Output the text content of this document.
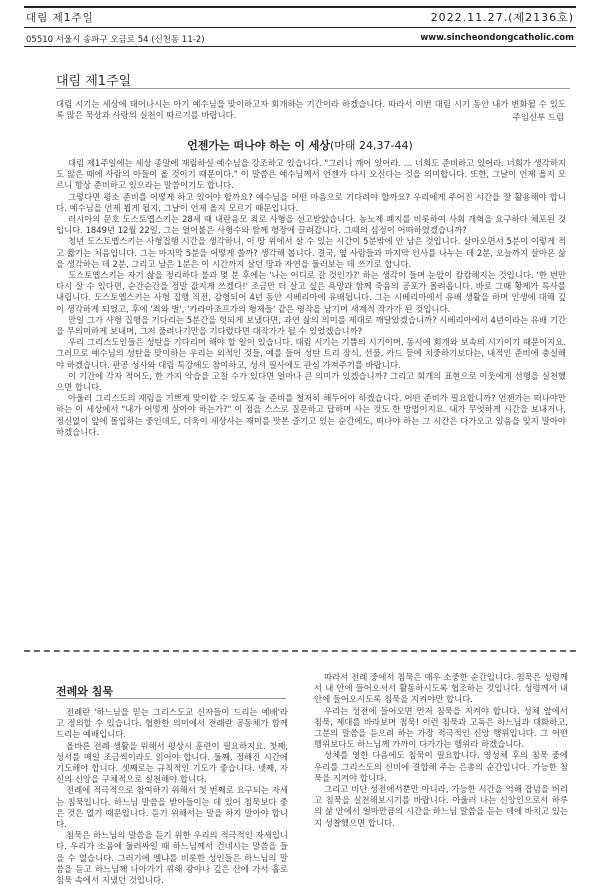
대림 제1주일	2022.11.27.(제2136호)
05510 서울시 송파구 오금로 54 (신천동 11-2)	www.sincheondongcatholic.com
대림 제1주일
대림 시기는 세상에 태어나시는 아기 예수님을 맞이하고자 회개하는 기간이라 하겠습니다. 따라서 이번 대림 시기 동안 내가 변화될 수 있도록 많은 묵상과 사랑의 실천이 따르기를 바랍니다.	주임신부 드림
언젠가는 떠나야 하는 이 세상(마태 24,37-44)

대림 제1주일에는 세상 종말에 재림하실 예수님을 강조하고 있습니다. "그러니 깨어 있어라. … 너희도 준비하고 있어라. 너희가 생각하지도 않은 때에 사람의 아들이 올 것이기 때문이다." 이 말씀은 예수님께서 언젠가 다시 오신다는 것을 의미합니다. 또한, 그날이 언제 올지 모르니 항상 준비하고 있으라는 말씀이기도 합니다.

그렇다면 평소 준비를 어떻게 하고 있어야 할까요? 예수님을 어떤 마음으로 기다려야 할까요? 우리에게 주어진 시간을 잘 활용해야 합니다. 예수님을 언제 뵙게 될지, 그날이 언제 올지 모르기 때문입니다.

러시아의 문호 도스토옙스키는 28세 때 내란음모 죄로 사형을 선고받았습니다. 농노제 폐지를 비롯하여 사회 개혁을 요구하다 체포된 것입니다. 1849년 12월 22일, 그는 얼어붙은 사형수와 함께 형장에 끌려갑니다. 그때의 심정이 어떠하였겠습니까?

청년 도스토옙스키는 사형집행 시간을 생각하니, 이 땅 위에서 살 수 있는 시간이 5분밖에 안 남은 것입니다. 살아오면서 5분이 이렇게 적고 짧기는 처음입니다. 그는 마지막 5분을 어떻게 쓸까? 생각해 봅니다. 결국, 옆 사람들과 마지막 인사를 나누는 데 2분, 오늘까지 살아온 삶을 생각하는 데 2분, 그리고 남은 1분은 이 시간까지 살던 땅과 자연을 둘러보는 데 쓰기로 합니다.

도스토옙스키는 자기 삶을 정리하다 불과 몇 분 후에는 '나는 어디로 갈 것인가?' 하는 생각이 들며 눈앞이 캄캄해지는 것입니다. '한 번만 다시 살 수 있다면, 순간순간을 정말 값지게 쓰겠다!' 조금만 더 살고 싶은 욕망과 함께 죽음의 공포가 몰려옵니다. 바로 그때 황제가 특사를 내립니다. 도스토옙스키는 사형 집행 직전, 감형되어 4년 동안 시베리아에 유배됩니다. 그는 시베리아에서 유배 생활을 하며 인생에 대해 깊이 생각하게 되었고, 후에 '죄와 벌', '카라마조프가의 형제들' 같은 명작을 남기며 세계적 작가가 된 것입니다.

만일 그가 사형 집행을 기다리는 5분간을 헛되게 보냈다면, 과연 삶의 의미를 제대로 깨달았겠습니까? 시베리아에서 4년이라는 유배 기간을 무의미하게 보내며, 그저 풀려나기만을 기다렸다면 대작가가 될 수 있었겠습니까?

우리 그리스도인들은 성탄을 기다리며 해야 할 일이 있습니다. 대림 시기는 기쁨의 시기이며, 동시에 회개와 보속의 시기이기 때문이지요. 그러므로 예수님의 성탄을 맞이하는 우리는 외적인 것들, 예를 들어 성탄 트리 장식, 선물, 카드 등에 치중하기보다는, 내적인 준비에 충실해야 하겠습니다. 판공 성사와 대림 특강에도 참여하고, 성서 필사에도 관심 가져주기를 바랍니다.

이 기간에 각자 적어도, 한 가지 악습을 고칠 수가 있다면 얼마나 큰 의미가 있겠습니까? 그리고 회개의 표현으로 이웃에게 선행을 실천했으면 합니다.

아울러 그리스도의 재림을 기쁘게 맞이할 수 있도록 늘 준비를 철저히 해두어야 하겠습니다. 어떤 준비가 필요합니까? 언젠가는 떠나야만 하는 이 세상에서 "내가 어떻게 살아야 하는가?" 이 점을 스스로 질문하고 답하며 사는 것도 한 방법이지요. 내가 무엇하게 시간을 보내거나, 정신없이 앞에 몰입하는 중인데도, 더욱이 세상사는 재미를 맛본 즐기고 있는 순간에도, 떠나야 하는 그 시간은 다가오고 있음을 잊지 말아야 하겠습니다.

전례와 침묵

전례란 '하느님을 믿는 그리스도교 신자들이 드리는 예배'라고 정의할 수 있습니다. 협한한 의미에서 전례란 공동체가 함께 드리는 예배입니다.

올바른 전례 생활을 위해서 평상시 훈련이 필요하지요. 첫째, 성서를 매일 조금씩이라도 읽어야 합니다. 둘째, 정해진 시간에 기도해야 합니다. 셋째로는 규칙적인 기도가 좋습니다. 넷째, 자신의 신앙을 구체적으로 실천해야 합니다.

전례에 적극적으로 참여하기 위해서 첫 번째로 요구되는 자세는 침묵입니다. 하느님 말씀을 받아들이는 데 있어 침묵보다 좋은 것은 없기 때문입니다. 듣기 위해서는 말을 하지 말아야 합니다.

침묵은 하느님의 말씀을 듣기 위한 우리의 적극적인 자세입니다. 우리가 소음에 둘러싸일 때 하느님께서 건네시는 말씀을 들을 수 없습니다. 그러기에 엘냐를 비롯한 성인들은 하느님의 말씀을 듣고 하느님께 나아가기 위해 광야나 깊은 산에 가서 홀로 침묵 속에서 지냈던 것입니다.

따라서 전례 중에서 침묵은 매우 소중한 순간입니다. 침묵은 성령께서 내 안에 들어오셔서 활동하시도록 협조하는 것입니다. 성령께서 내 안에 들어오시도록 침묵을 지켜야만 합니다.

우리는 성전에 들어오면 먼저 침묵을 지켜야 합니다. 성체 앞에서 침묵, 제대를 바라보며 침묵! 이런 침묵과 고독은 하느님과 대화하고, 그분의 말씀을 듣으려 하는 가장 적극적인 신앙 행위입니다. 그 어떤 행위보다도 하느님께 가까이 다가가는 행위라 하겠습니다.

성체를 영한 다음에도 침묵이 필요합니다. 영성체 후의 침묵 중에 우리를 그리스도의 신비에 결합해 주는 은총의 순간입니다. 가능한 침묵을 지켜야 합니다.

그리고 비단 성전에서뿐만 아니라, 가능한 시간을 억해 잡념을 버리고 침묵을 실천해보시기를 바랍니다. 아울러 나는 신앙인으로서 하루의 삶 안에서 얼마만큼의 시간을 하느님 말씀을 듣는 데에 바치고 있는지 성찰했으면 합니다.
